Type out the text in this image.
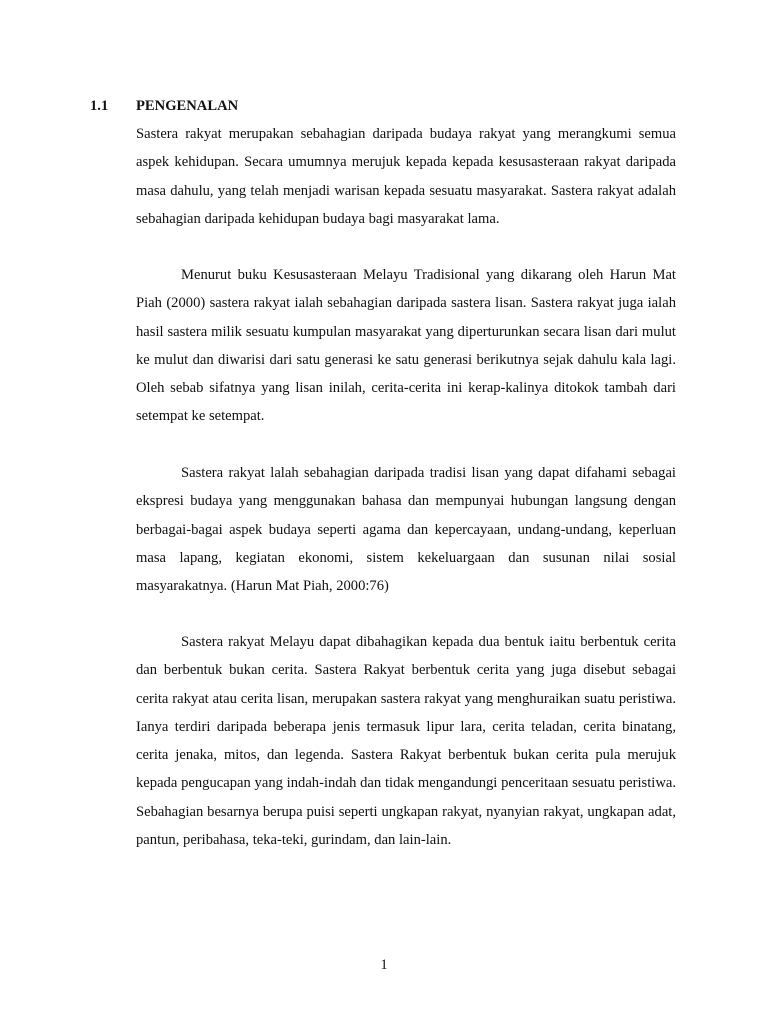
1.1 PENGENALAN

Sastera rakyat merupakan sebahagian daripada budaya rakyat yang merangkumi semua aspek kehidupan. Secara umumnya merujuk kepada kepada kesusasteraan rakyat daripada masa dahulu, yang telah menjadi warisan kepada sesuatu masyarakat. Sastera rakyat adalah sebahagian daripada kehidupan budaya bagi masyarakat lama.

Menurut buku Kesusasteraan Melayu Tradisional yang dikarang oleh Harun Mat Piah (2000) sastera rakyat ialah sebahagian daripada sastera lisan. Sastera rakyat juga ialah hasil sastera milik sesuatu kumpulan masyarakat yang diperturunkan secara lisan dari mulut ke mulut dan diwarisi dari satu generasi ke satu generasi berikutnya sejak dahulu kala lagi. Oleh sebab sifatnya yang lisan inilah, cerita-cerita ini kerap-kalinya ditokok tambah dari setempat ke setempat.

Sastera rakyat lalah sebahagian daripada tradisi lisan yang dapat difahami sebagai ekspresi budaya yang menggunakan bahasa dan mempunyai hubungan langsung dengan berbagai-bagai aspek budaya seperti agama dan kepercayaan, undang-undang, keperluan masa lapang, kegiatan ekonomi, sistem kekeluargaan dan susunan nilai sosial masyarakatnya. (Harun Mat Piah, 2000:76)

Sastera rakyat Melayu dapat dibahagikan kepada dua bentuk iaitu berbentuk cerita dan berbentuk bukan cerita. Sastera Rakyat berbentuk cerita yang juga disebut sebagai cerita rakyat atau cerita lisan, merupakan sastera rakyat yang menghuraikan suatu peristiwa. Ianya terdiri daripada beberapa jenis termasuk lipur lara, cerita teladan, cerita binatang, cerita jenaka, mitos, dan legenda. Sastera Rakyat berbentuk bukan cerita pula merujuk kepada pengucapan yang indah-indah dan tidak mengandungi penceritaan sesuatu peristiwa. Sebahagian besarnya berupa puisi seperti ungkapan rakyat, nyanyian rakyat, ungkapan adat, pantun, peribahasa, teka-teki, gurindam, dan lain-lain.

1
